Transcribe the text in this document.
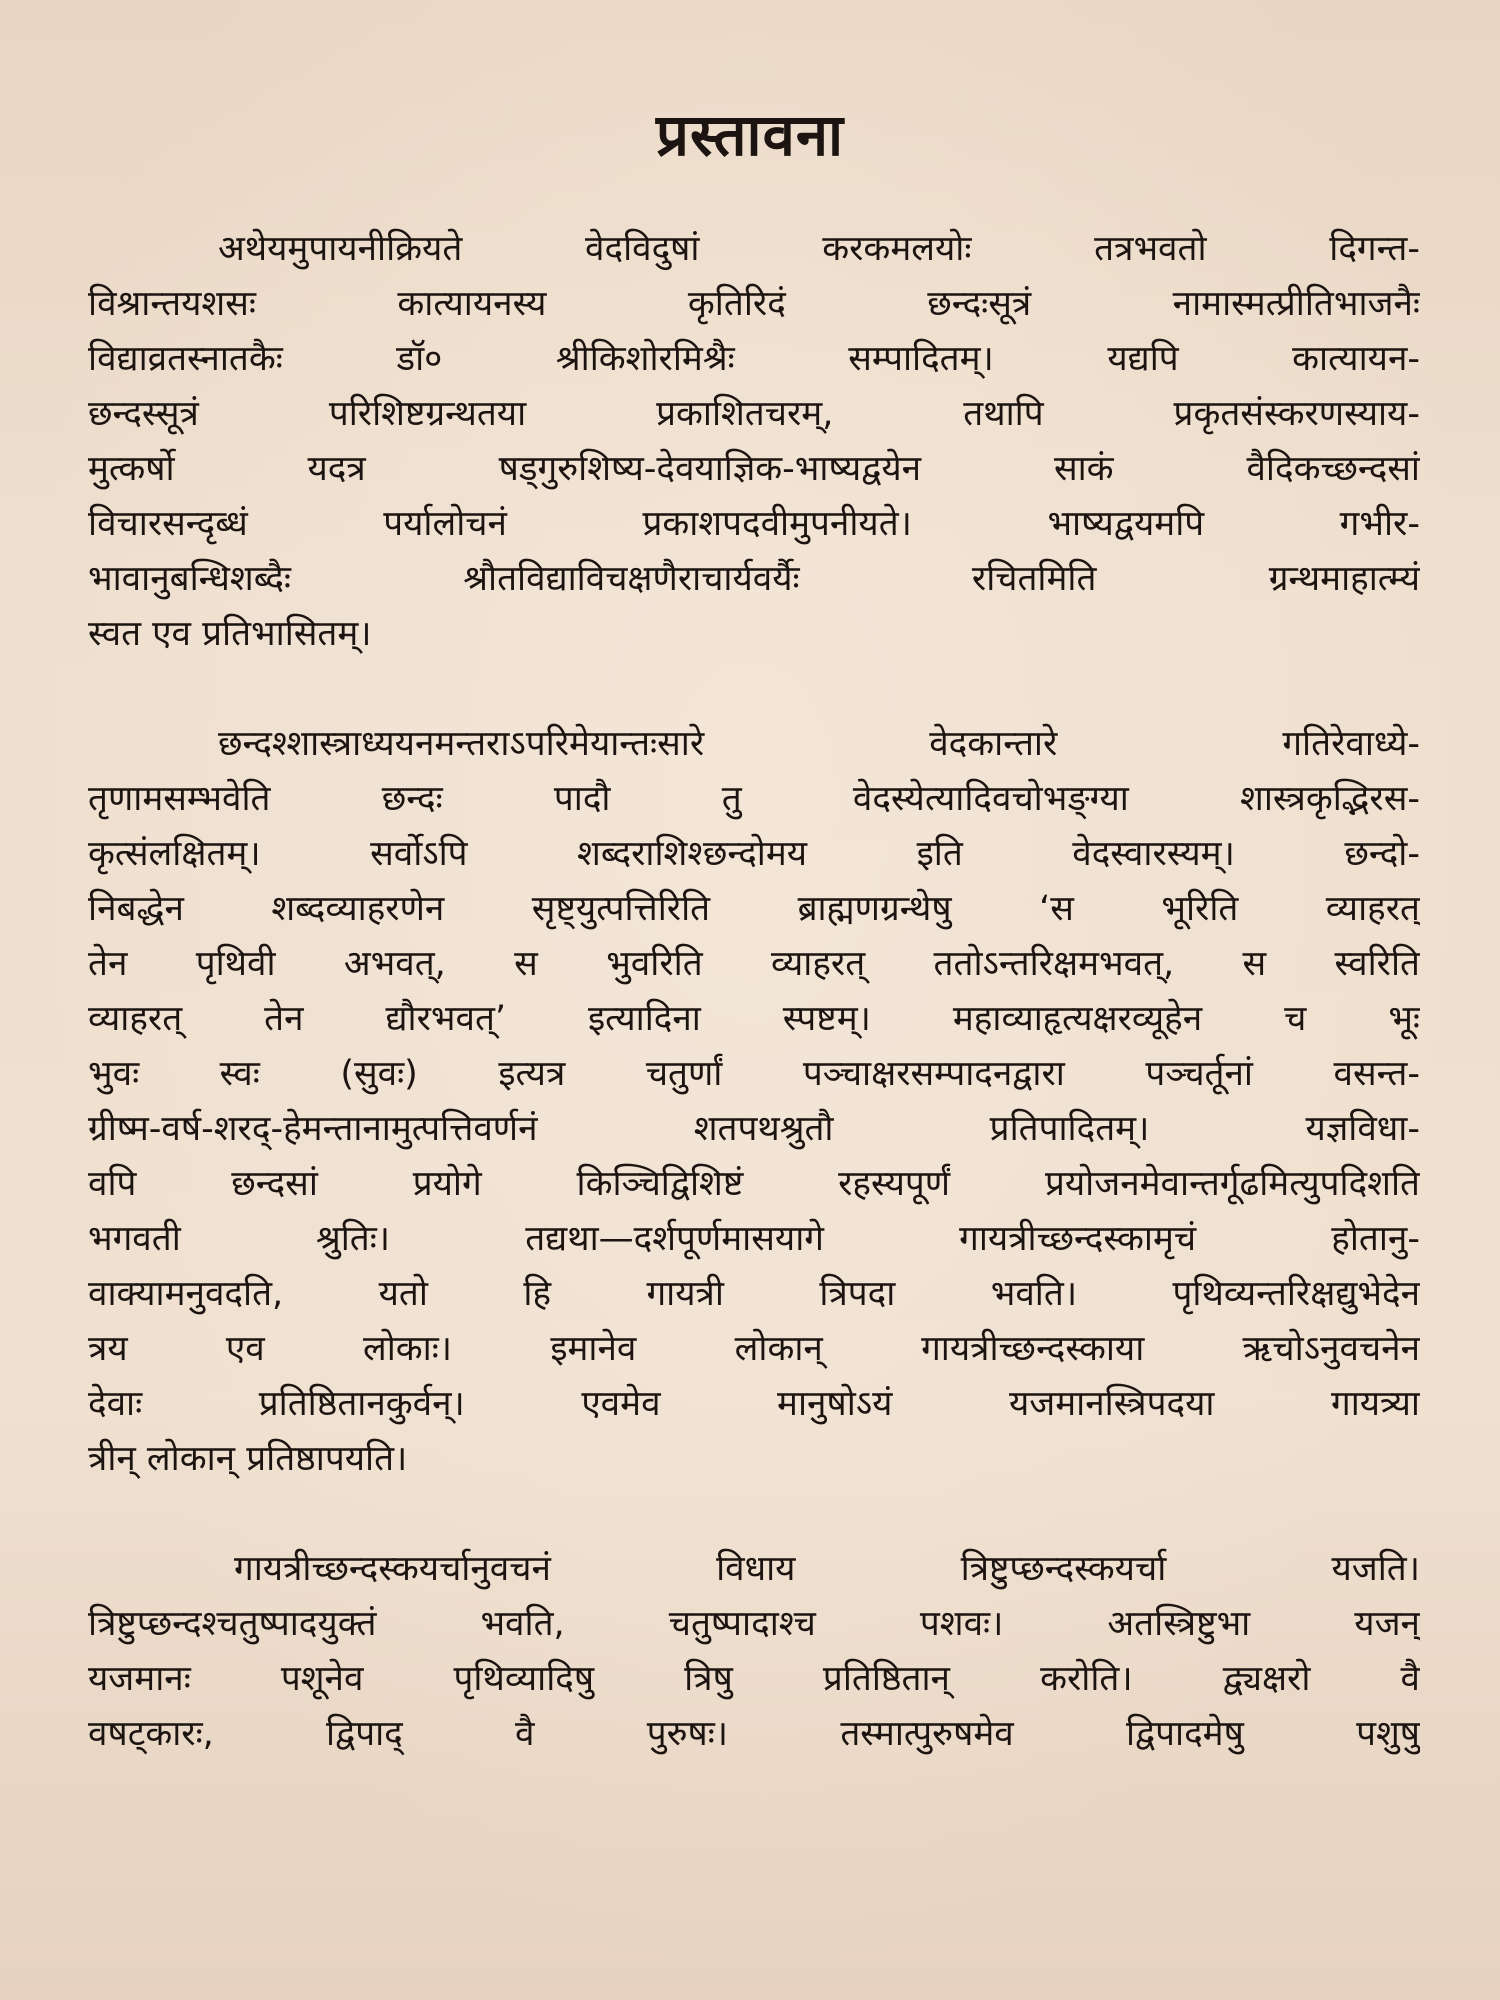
प्रस्तावना
अथेयमुपायनीक्रियते वेदविदुषां करकमलयोः तत्रभवतो दिगन्त-
विश्रान्तयशसः कात्यायनस्य कृतिरिदं छन्दःसूत्रं नामास्मत्प्रीतिभाजनैः
विद्याव्रतस्नातकैः डॉ० श्रीकिशोरमिश्रैः सम्पादितम्। यद्यपि कात्यायन-
छन्दस्सूत्रं परिशिष्टग्रन्थतया प्रकाशितचरम्, तथापि प्रकृतसंस्करणस्याय-
मुत्कर्षो यदत्र षड्गुरुशिष्य-देवयाज्ञिक-भाष्यद्वयेन साकं वैदिकच्छन्दसां
विचारसन्दृब्धं पर्यालोचनं प्रकाशपदवीमुपनीयते। भाष्यद्वयमपि गभीर-
भावानुबन्धिशब्दैः श्रौतविद्याविचक्षणैराचार्यवर्यैः रचितमिति ग्रन्थमाहात्म्यं
स्वत एव प्रतिभासितम्।
छन्दश्शास्त्राध्ययनमन्तराऽपरिमेयान्तःसारे वेदकान्तारे गतिरेवाध्ये-
तृणामसम्भवेति छन्दः पादौ तु वेदस्येत्यादिवचोभङ्ग्या शास्त्रकृद्भिरस-
कृत्संलक्षितम्। सर्वोऽपि शब्दराशिश्छन्दोमय इति वेदस्वारस्यम्। छन्दो-
निबद्धेन शब्दव्याहरणेन सृष्ट्युत्पत्तिरिति ब्राह्मणग्रन्थेषु ‘स भूरिति व्याहरत्
तेन पृथिवी अभवत्, स भुवरिति व्याहरत् ततोऽन्तरिक्षमभवत्, स स्वरिति
व्याहरत् तेन द्यौरभवत्’ इत्यादिना स्पष्टम्। महाव्याहृत्यक्षरव्यूहेन च भूः
भुवः स्वः (सुवः) इत्यत्र चतुर्णां पञ्चाक्षरसम्पादनद्वारा पञ्चर्तूनां वसन्त-
ग्रीष्म-वर्ष-शरद्-हेमन्तानामुत्पत्तिवर्णनं शतपथश्रुतौ प्रतिपादितम्। यज्ञविधा-
वपि छन्दसां प्रयोगे किञ्चिद्विशिष्टं रहस्यपूर्णं प्रयोजनमेवान्तर्गूढमित्युपदिशति
भगवती श्रुतिः। तद्यथा—दर्शपूर्णमासयागे गायत्रीच्छन्दस्कामृचं होतानु-
वाक्यामनुवदति, यतो हि गायत्री त्रिपदा भवति। पृथिव्यन्तरिक्षद्युभेदेन
त्रय एव लोकाः। इमानेव लोकान् गायत्रीच्छन्दस्काया ऋचोऽनुवचनेन
देवाः प्रतिष्ठितानकुर्वन्। एवमेव मानुषोऽयं यजमानस्त्रिपदया गायत्र्या
त्रीन् लोकान् प्रतिष्ठापयति।
गायत्रीच्छन्दस्कयर्चानुवचनं विधाय त्रिष्टुप्छन्दस्कयर्चा यजति।
त्रिष्टुप्छन्दश्चतुष्पादयुक्तं भवति, चतुष्पादाश्च पशवः। अतस्त्रिष्टुभा यजन्
यजमानः पशूनेव पृथिव्यादिषु त्रिषु प्रतिष्ठितान् करोति। द्व्यक्षरो वै
वषट्कारः, द्विपाद् वै पुरुषः। तस्मात्पुरुषमेव द्विपादमेषु पशुषु
